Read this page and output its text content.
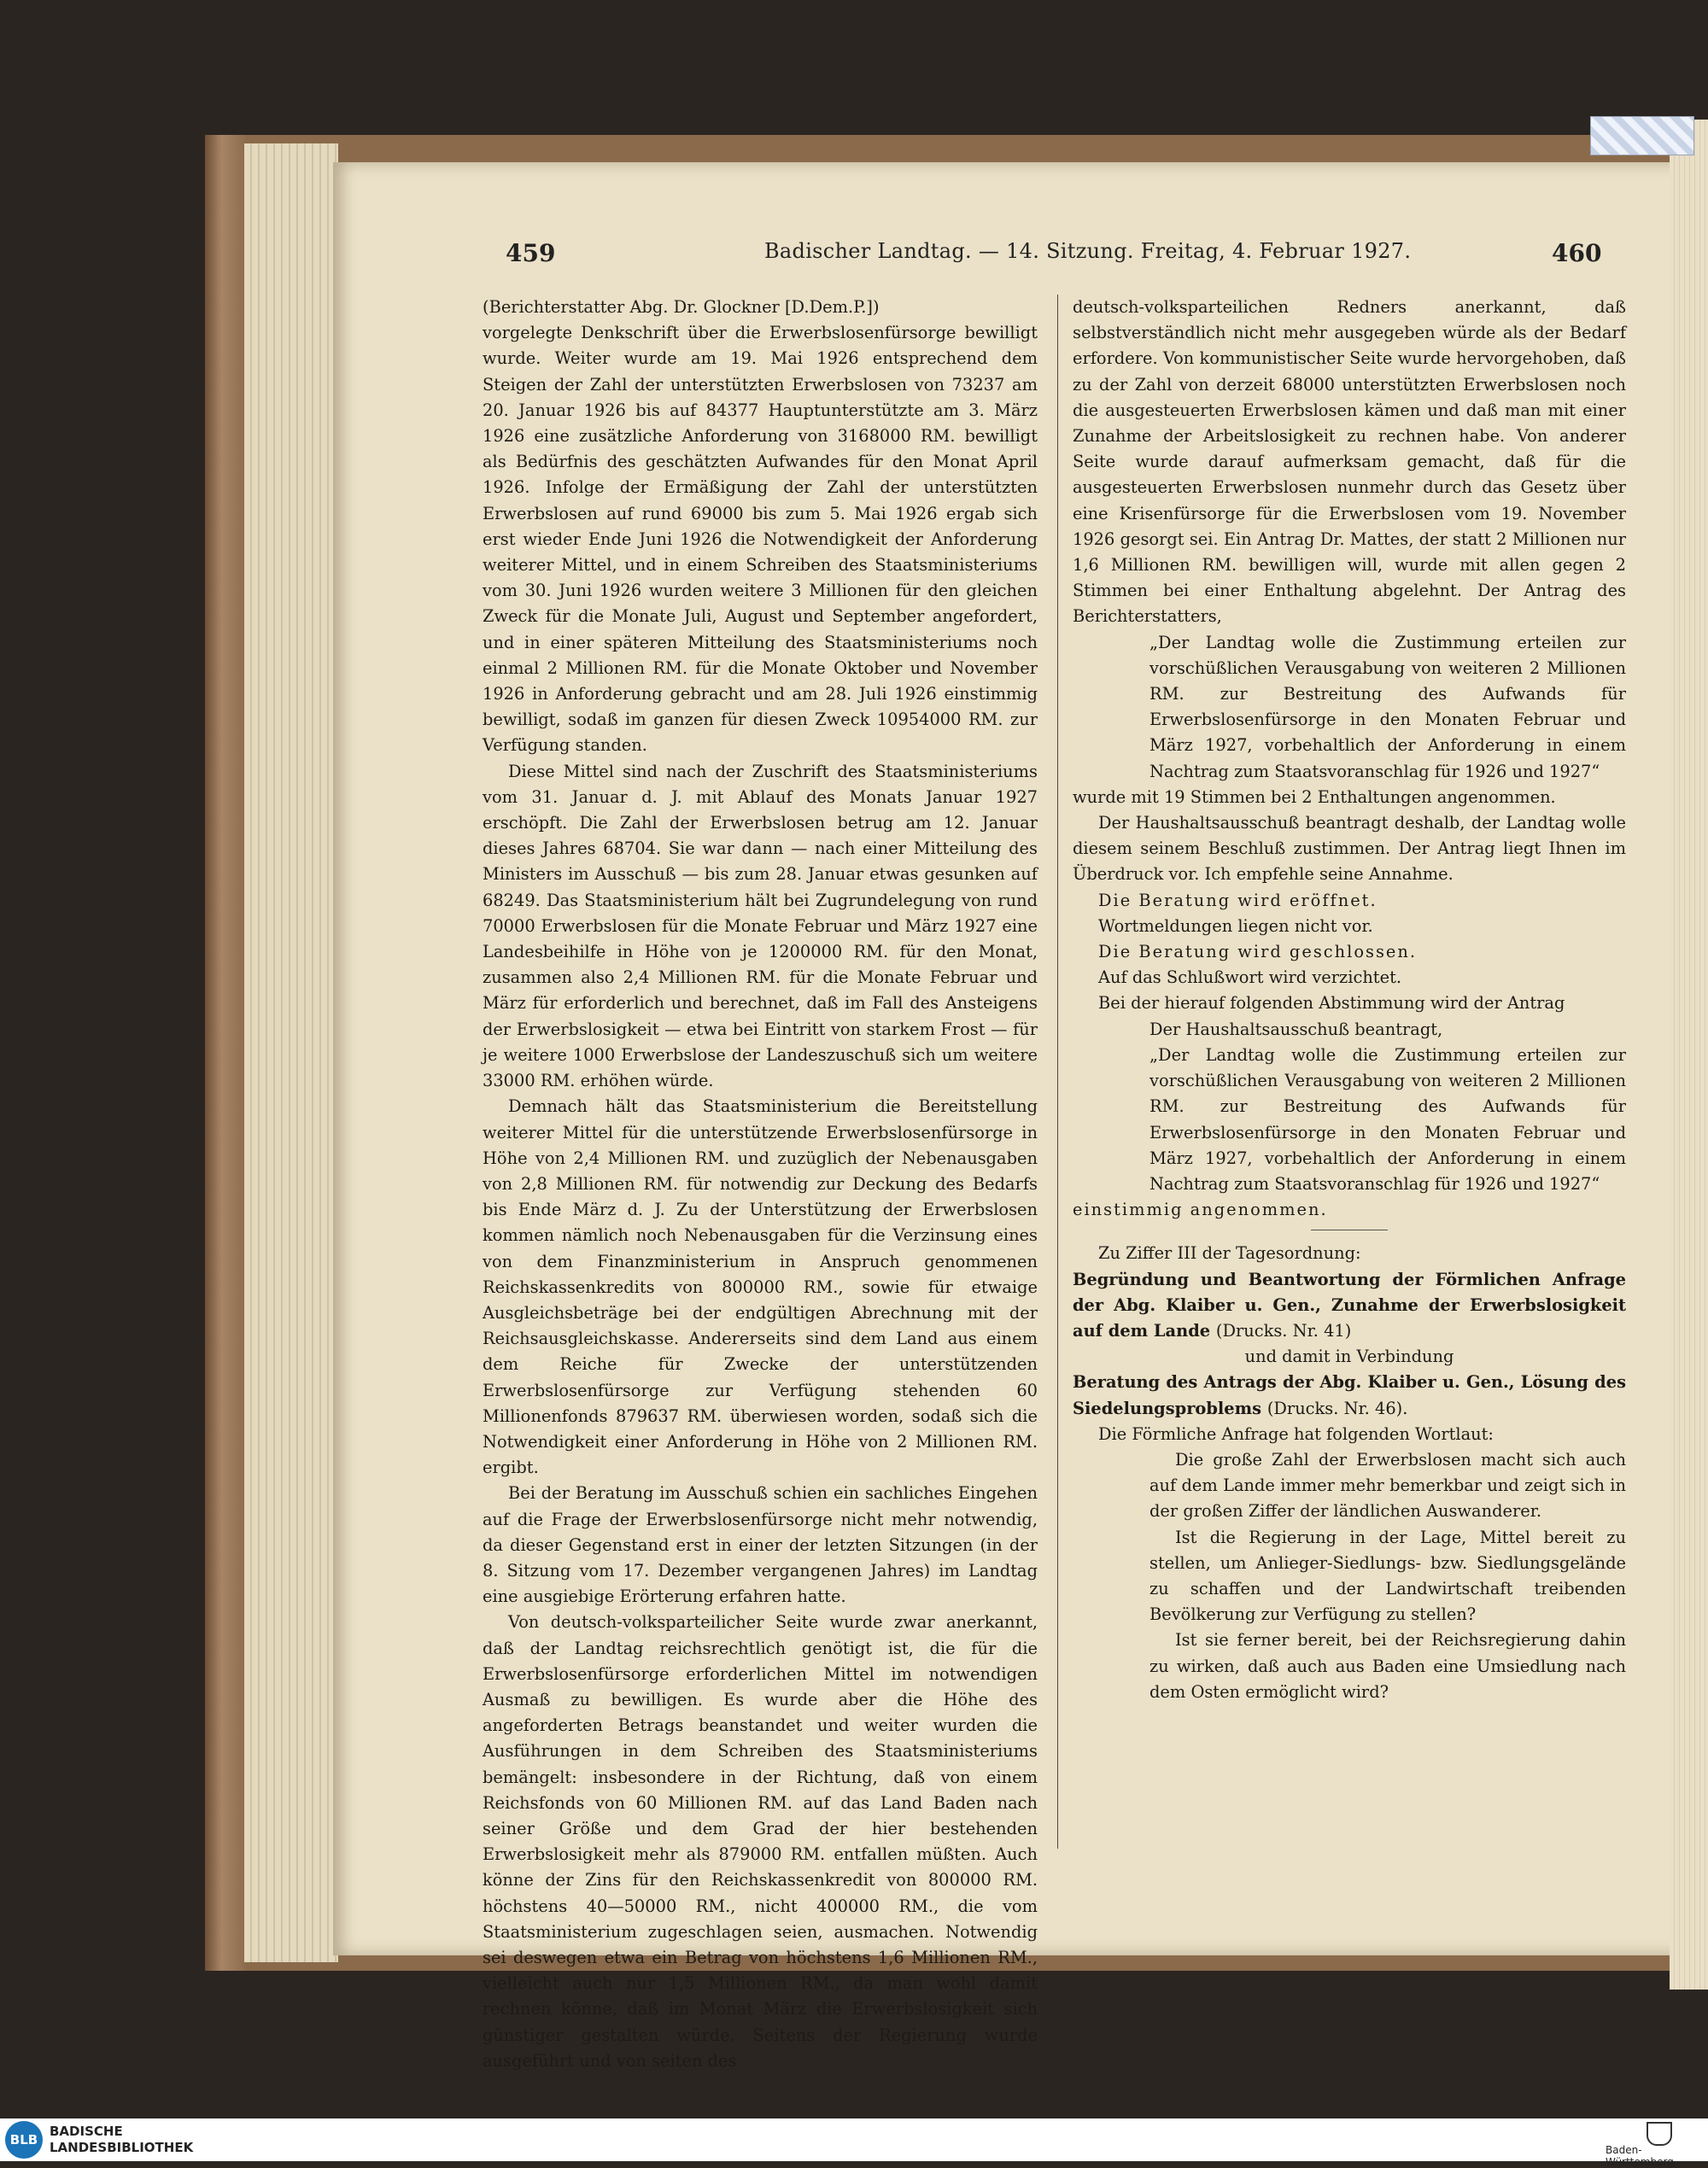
459	Badischer Landtag. — 14. Sitzung. Freitag, 4. Februar 1927.	460

(Berichterstatter Abg. Dr. Glockner [D.Dem.P.])

vorgelegte Denkschrift über die Erwerbslosenfürsorge bewilligt wurde. Weiter wurde am 19. Mai 1926 entsprechend dem Steigen der Zahl der unterstützten Erwerbslosen von 73237 am 20. Januar 1926 bis auf 84377 Hauptunterstützte am 3. März 1926 eine zusätzliche Anforderung von 3168000 RM. bewilligt als Bedürfnis des geschätzten Aufwandes für den Monat April 1926. Infolge der Ermäßigung der Zahl der unterstützten Erwerbslosen auf rund 69000 bis zum 5. Mai 1926 ergab sich erst wieder Ende Juni 1926 die Notwendigkeit der Anforderung weiterer Mittel, und in einem Schreiben des Staatsministeriums vom 30. Juni 1926 wurden weitere 3 Millionen für den gleichen Zweck für die Monate Juli, August und September angefordert, und in einer späteren Mitteilung des Staatsministeriums noch einmal 2 Millionen RM. für die Monate Oktober und November 1926 in Anforderung gebracht und am 28. Juli 1926 einstimmig bewilligt, sodaß im ganzen für diesen Zweck 10954000 RM. zur Verfügung standen.

Diese Mittel sind nach der Zuschrift des Staatsministeriums vom 31. Januar d. J. mit Ablauf des Monats Januar 1927 erschöpft. Die Zahl der Erwerbslosen betrug am 12. Januar dieses Jahres 68704. Sie war dann — nach einer Mitteilung des Ministers im Ausschuß — bis zum 28. Januar etwas gesunken auf 68249. Das Staatsministerium hält bei Zugrundelegung von rund 70000 Erwerbslosen für die Monate Februar und März 1927 eine Landesbeihilfe in Höhe von je 1200000 RM. für den Monat, zusammen also 2,4 Millionen RM. für die Monate Februar und März für erforderlich und berechnet, daß im Fall des Ansteigens der Erwerbslosigkeit — etwa bei Eintritt von starkem Frost — für je weitere 1000 Erwerbslose der Landeszuschuß sich um weitere 33000 RM. erhöhen würde.

Demnach hält das Staatsministerium die Bereitstellung weiterer Mittel für die unterstützende Erwerbslosenfürsorge in Höhe von 2,4 Millionen RM. und zuzüglich der Nebenausgaben von 2,8 Millionen RM. für notwendig zur Deckung des Bedarfs bis Ende März d. J. Zu der Unterstützung der Erwerbslosen kommen nämlich noch Nebenausgaben für die Verzinsung eines von dem Finanzministerium in Anspruch genommenen Reichskassenkredits von 800000 RM., sowie für etwaige Ausgleichsbeträge bei der endgültigen Abrechnung mit der Reichsausgleichskasse. Andererseits sind dem Land aus einem dem Reiche für Zwecke der unterstützenden Erwerbslosenfürsorge zur Verfügung stehenden 60 Millionenfonds 879637 RM. überwiesen worden, sodaß sich die Notwendigkeit einer Anforderung in Höhe von 2 Millionen RM. ergibt.

Bei der Beratung im Ausschuß schien ein sachliches Eingehen auf die Frage der Erwerbslosenfürsorge nicht mehr notwendig, da dieser Gegenstand erst in einer der letzten Sitzungen (in der 8. Sitzung vom 17. Dezember vergangenen Jahres) im Landtag eine ausgiebige Erörterung erfahren hatte.

Von deutsch-volksparteilicher Seite wurde zwar anerkannt, daß der Landtag reichsrechtlich genötigt ist, die für die Erwerbslosenfürsorge erforderlichen Mittel im notwendigen Ausmaß zu bewilligen. Es wurde aber die Höhe des angeforderten Betrags beanstandet und weiter wurden die Ausführungen in dem Schreiben des Staatsministeriums bemängelt: insbesondere in der Richtung, daß von einem Reichsfonds von 60 Millionen RM. auf das Land Baden nach seiner Größe und dem Grad der hier bestehenden Erwerbslosigkeit mehr als 879000 RM. entfallen müßten. Auch könne der Zins für den Reichskassenkredit von 800000 RM. höchstens 40—50000 RM., nicht 400000 RM., die vom Staatsministerium zugeschlagen seien, ausmachen. Notwendig sei deswegen etwa ein Betrag von höchstens 1,6 Millionen RM., vielleicht auch nur 1,5 Millionen RM., da man wohl damit rechnen könne, daß im Monat März die Erwerbslosigkeit sich günstiger gestalten würde. Seitens der Regierung wurde ausgeführt und von seiten des

deutsch-volksparteilichen Redners anerkannt, daß selbstverständlich nicht mehr ausgegeben würde als der Bedarf erfordere. Von kommunistischer Seite wurde hervorgehoben, daß zu der Zahl von derzeit 68000 unterstützten Erwerbslosen noch die ausgesteuerten Erwerbslosen kämen und daß man mit einer Zunahme der Arbeitslosigkeit zu rechnen habe. Von anderer Seite wurde darauf aufmerksam gemacht, daß für die ausgesteuerten Erwerbslosen nunmehr durch das Gesetz über eine Krisenfürsorge für die Erwerbslosen vom 19. November 1926 gesorgt sei. Ein Antrag Dr. Mattes, der statt 2 Millionen nur 1,6 Millionen RM. bewilligen will, wurde mit allen gegen 2 Stimmen bei einer Enthaltung abgelehnt. Der Antrag des Berichterstatters,

„Der Landtag wolle die Zustimmung erteilen zur vorschüßlichen Verausgabung von weiteren 2 Millionen RM. zur Bestreitung des Aufwands für Erwerbslosenfürsorge in den Monaten Februar und März 1927, vorbehaltlich der Anforderung in einem Nachtrag zum Staatsvoranschlag für 1926 und 1927“

wurde mit 19 Stimmen bei 2 Enthaltungen angenommen.

Der Haushaltsausschuß beantragt deshalb, der Landtag wolle diesem seinem Beschluß zustimmen. Der Antrag liegt Ihnen im Überdruck vor. Ich empfehle seine Annahme.

Die Beratung wird eröffnet.

Wortmeldungen liegen nicht vor.

Die Beratung wird geschlossen.

Auf das Schlußwort wird verzichtet.

Bei der hierauf folgenden Abstimmung wird der Antrag

Der Haushaltsausschuß beantragt,

„Der Landtag wolle die Zustimmung erteilen zur vorschüßlichen Verausgabung von weiteren 2 Millionen RM. zur Bestreitung des Aufwands für Erwerbslosenfürsorge in den Monaten Februar und März 1927, vorbehaltlich der Anforderung in einem Nachtrag zum Staatsvoranschlag für 1926 und 1927“

einstimmig angenommen.

Zu Ziffer III der Tagesordnung:

Begründung und Beantwortung der Förmlichen Anfrage der Abg. Klaiber u. Gen., Zunahme der Erwerbslosigkeit auf dem Lande (Drucks. Nr. 41)

und damit in Verbindung

Beratung des Antrags der Abg. Klaiber u. Gen., Lösung des Siedelungsproblems (Drucks. Nr. 46).

Die Förmliche Anfrage hat folgenden Wortlaut:

Die große Zahl der Erwerbslosen macht sich auch auf dem Lande immer mehr bemerkbar und zeigt sich in der großen Ziffer der ländlichen Auswanderer.

Ist die Regierung in der Lage, Mittel bereit zu stellen, um Anlieger-Siedlungs- bzw. Siedlungsgelände zu schaffen und der Landwirtschaft treibenden Bevölkerung zur Verfügung zu stellen?

Ist sie ferner bereit, bei der Reichsregierung dahin zu wirken, daß auch aus Baden eine Umsiedlung nach dem Osten ermöglicht wird?

BLB
BADISCHE
LANDESBIBLIOTHEK	Baden-Württemberg
